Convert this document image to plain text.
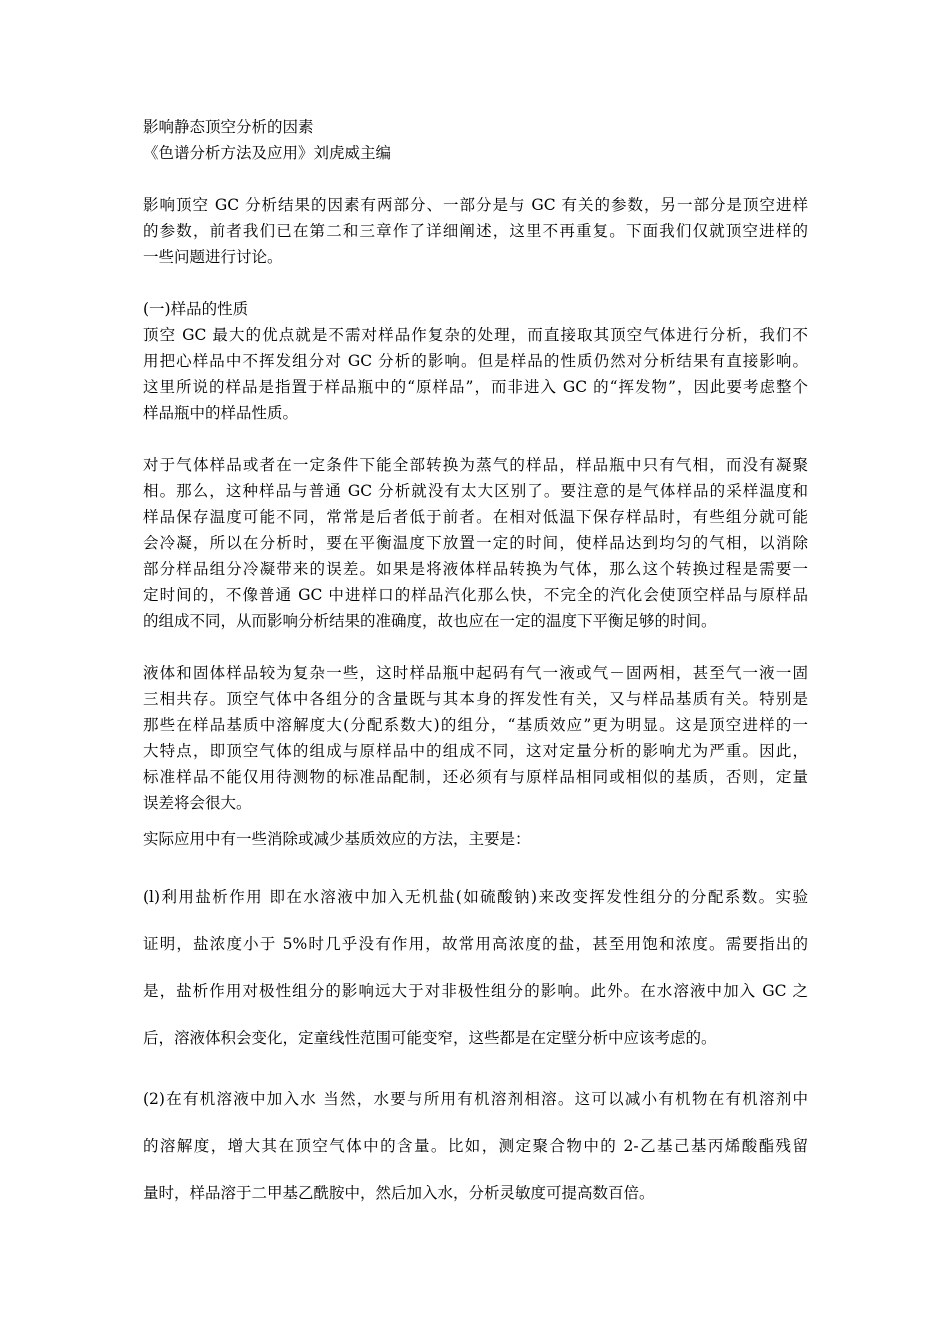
影响静态顶空分析的因素
《色谱分析方法及应用》刘虎威主编
影响顶空 GC 分析结果的因素有两部分、一部分是与 GC 有关的参数，另一部分是顶空进样
的参数，前者我们已在第二和三章作了详细阐述，这里不再重复。下面我们仅就顶空进样的
一些问题进行讨论。
(一)样品的性质
顶空 GC 最大的优点就是不需对样品作复杂的处理，而直接取其顶空气体进行分析，我们不
用把心样品中不挥发组分对 GC 分析的影响。但是样品的性质仍然对分析结果有直接影响。
这里所说的样品是指置于样品瓶中的“原样品”，而非进入 GC 的“挥发物”，因此要考虑整个
样品瓶中的样品性质。
对于气体样品或者在一定条件下能全部转换为蒸气的样品，样品瓶中只有气相，而没有凝聚
相。那么，这种样品与普通 GC 分析就没有太大区别了。要注意的是气体样品的采样温度和
样品保存温度可能不同，常常是后者低于前者。在相对低温下保存样品时，有些组分就可能
会冷凝，所以在分析时，要在平衡温度下放置一定的时间，使样品达到均匀的气相，以消除
部分样品组分冷凝带来的误差。如果是将液体样品转换为气体，那么这个转换过程是需要一
定时间的，不像普通 GC 中进样口的样品汽化那么快，不完全的汽化会使顶空样品与原样品
的组成不同，从而影响分析结果的准确度，故也应在一定的温度下平衡足够的时间。
液体和固体样品较为复杂一些，这时样品瓶中起码有气一液或气－固两相，甚至气一液一固
三相共存。顶空气体中各组分的含量既与其本身的挥发性有关，又与样品基质有关。特别是
那些在样品基质中溶解度大(分配系数大)的组分，“基质效应”更为明显。这是顶空进样的一
大特点，即顶空气体的组成与原样品中的组成不同，这对定量分析的影响尤为严重。因此，
标准样品不能仅用待测物的标准品配制，还必须有与原样品相同或相似的基质，否则，定量
误差将会很大。
实际应用中有一些消除或减少基质效应的方法，主要是：
(l)利用盐析作用 即在水溶液中加入无机盐(如硫酸钠)来改变挥发性组分的分配系数。实验
证明，盐浓度小于 5%时几乎没有作用，故常用高浓度的盐，甚至用饱和浓度。需要指出的
是，盐析作用对极性组分的影响远大于对非极性组分的影响。此外。在水溶液中加入 GC 之
后，溶液体积会变化，定童线性范围可能变窄，这些都是在定壁分析中应该考虑的。
(2)在有机溶液中加入水 当然，水要与所用有机溶剂相溶。这可以减小有机物在有机溶剂中
的溶解度，增大其在顶空气体中的含量。比如，测定聚合物中的 2-乙基己基丙烯酸酯残留
量时，样品溶于二甲基乙酰胺中，然后加入水，分析灵敏度可提高数百倍。
